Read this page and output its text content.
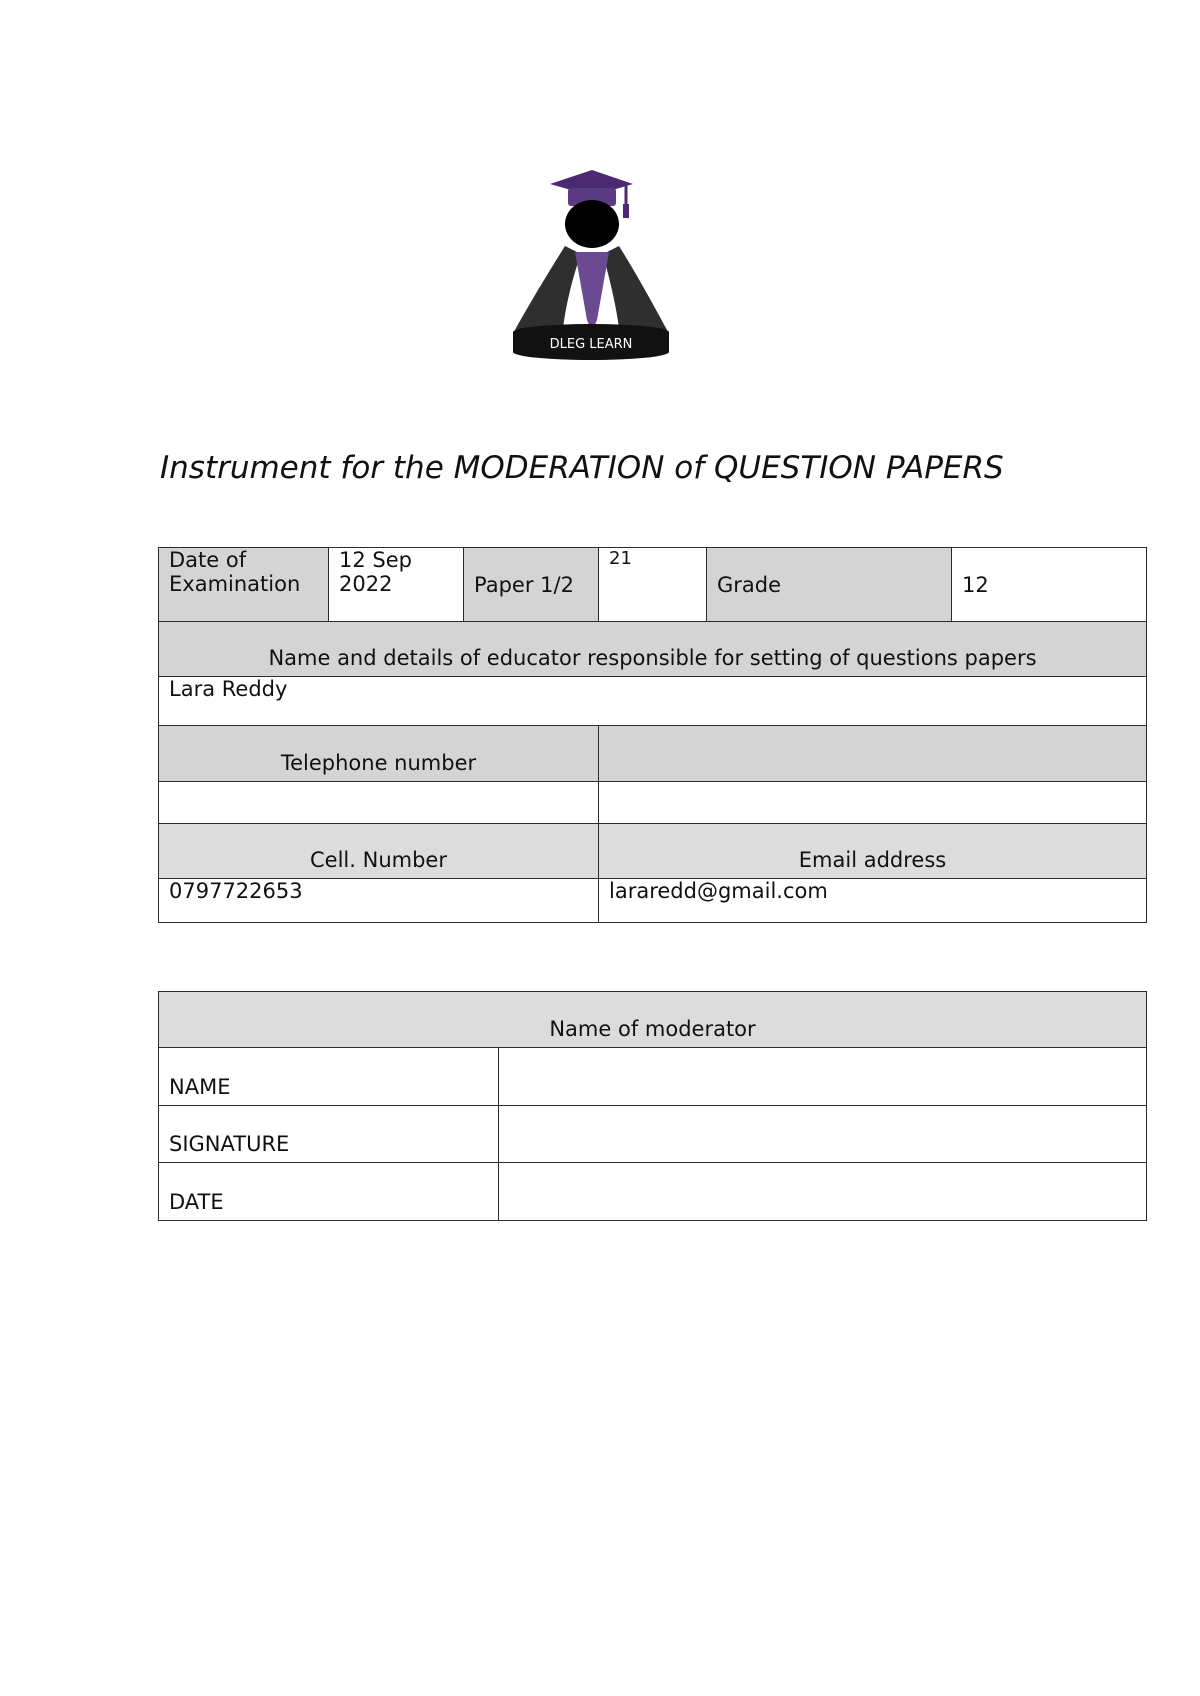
DLEG LEARN
Instrument for the MODERATION of QUESTION PAPERS
Date of Examination	12 Sep 2022	Paper 1/2	21	Grade	12
Name and details of educator responsible for setting of questions papers					
Lara Reddy					
Telephone number					

Cell. Number			Email address		
0797722653			lararedd@gmail.com		
Name of moderator	
NAME	
SIGNATURE	
DATE	
